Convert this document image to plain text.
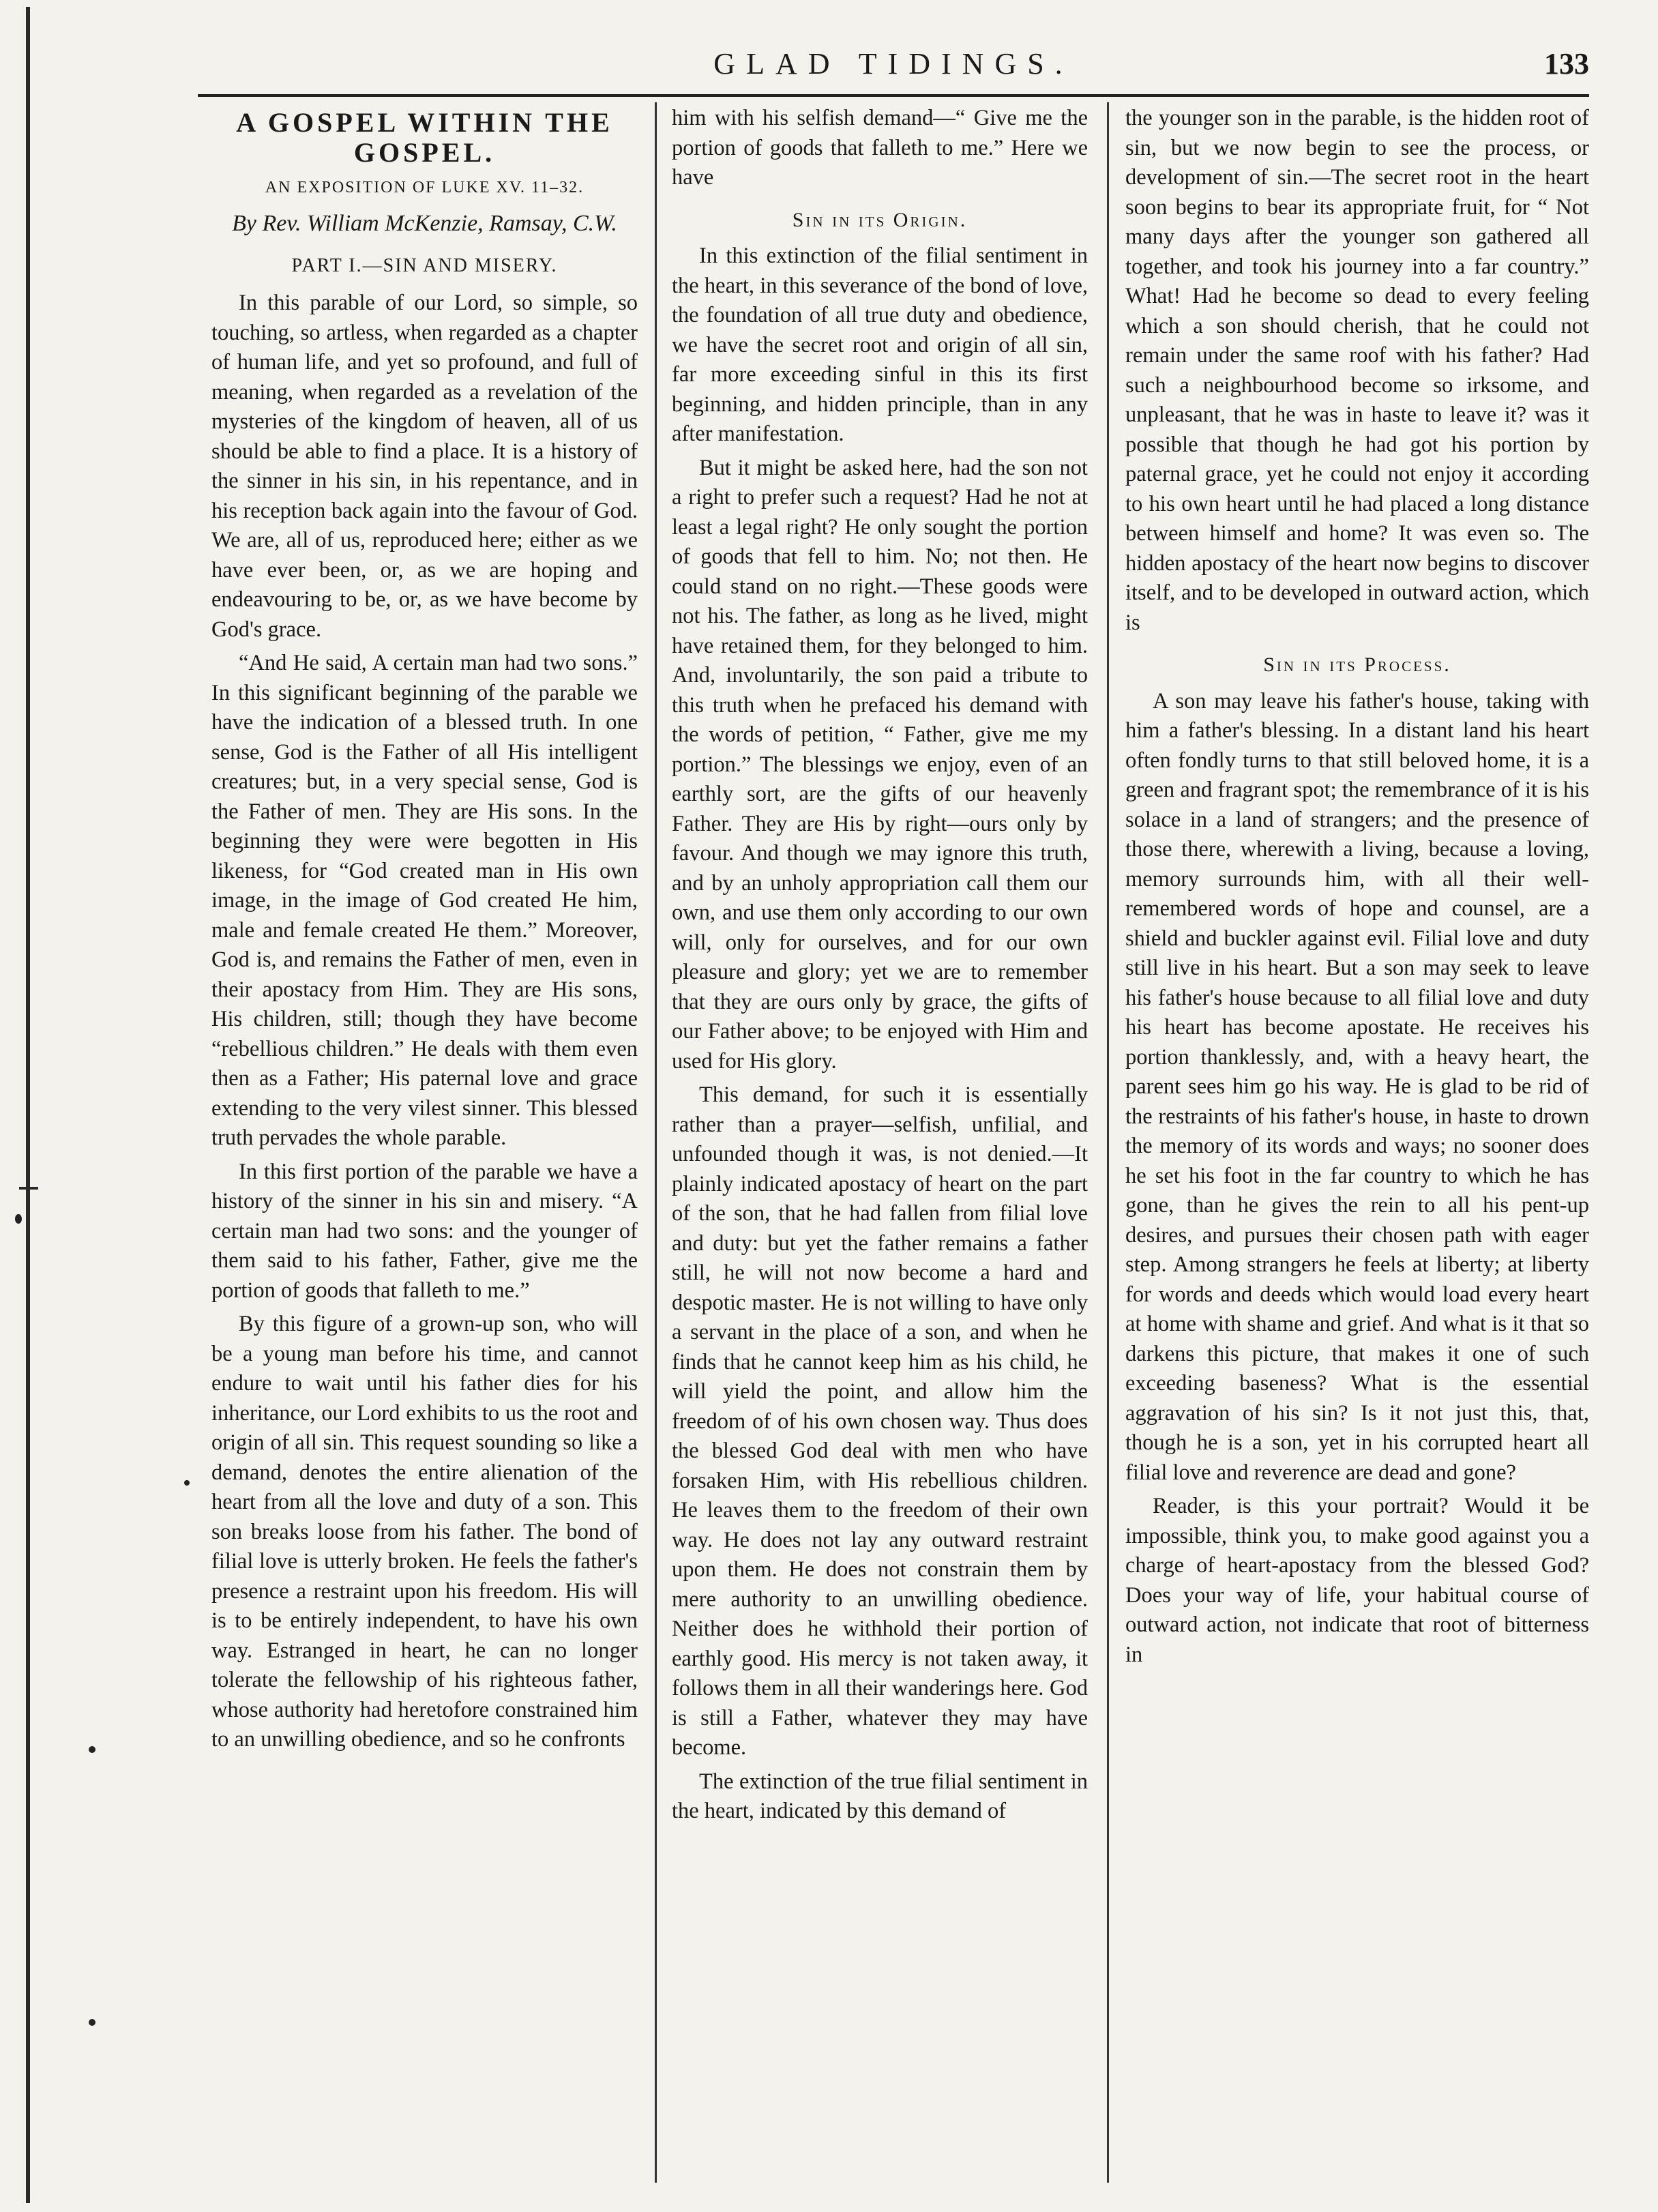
GLAD TIDINGS.	133
A GOSPEL WITHIN THE GOSPEL.
AN EXPOSITION OF LUKE XV. 11–32.
By Rev. William McKenzie, Ramsay, C.W.
PART I.—SIN AND MISERY.

In this parable of our Lord, so simple, so touching, so artless, when regarded as a chapter of human life, and yet so profound, and full of meaning, when regarded as a revelation of the mysteries of the kingdom of heaven, all of us should be able to find a place. It is a history of the sinner in his sin, in his repentance, and in his reception back again into the favour of God. We are, all of us, reproduced here; either as we have ever been, or, as we are hoping and endeavouring to be, or, as we have become by God's grace.

“And He said, A certain man had two sons.” In this significant beginning of the parable we have the indication of a blessed truth. In one sense, God is the Father of all His intelligent creatures; but, in a very special sense, God is the Father of men. They are His sons. In the beginning they were were begotten in His likeness, for “God created man in His own image, in the image of God created He him, male and female created He them.” Moreover, God is, and remains the Father of men, even in their apostacy from Him. They are His sons, His children, still; though they have become “rebellious children.” He deals with them even then as a Father; His paternal love and grace extending to the very vilest sinner. This blessed truth pervades the whole parable.

In this first portion of the parable we have a history of the sinner in his sin and misery. “A certain man had two sons: and the younger of them said to his father, Father, give me the portion of goods that falleth to me.”

By this figure of a grown-up son, who will be a young man before his time, and cannot endure to wait until his father dies for his inheritance, our Lord exhibits to us the root and origin of all sin. This request sounding so like a demand, denotes the entire alienation of the heart from all the love and duty of a son. This son breaks loose from his father. The bond of filial love is utterly broken. He feels the father's presence a restraint upon his freedom. His will is to be entirely independent, to have his own way. Estranged in heart, he can no longer tolerate the fellowship of his righteous father, whose authority had heretofore constrained him to an unwilling obedience, and so he confronts

him with his selfish demand—“ Give me the portion of goods that falleth to me.” Here we have

Sin in its Origin.

In this extinction of the filial sentiment in the heart, in this severance of the bond of love, the foundation of all true duty and obedience, we have the secret root and origin of all sin, far more exceeding sinful in this its first beginning, and hidden principle, than in any after manifestation.

But it might be asked here, had the son not a right to prefer such a request? Had he not at least a legal right? He only sought the portion of goods that fell to him. No; not then. He could stand on no right.—These goods were not his. The father, as long as he lived, might have retained them, for they belonged to him. And, involuntarily, the son paid a tribute to this truth when he prefaced his demand with the words of petition, “ Father, give me my portion.” The blessings we enjoy, even of an earthly sort, are the gifts of our heavenly Father. They are His by right—ours only by favour. And though we may ignore this truth, and by an unholy appropriation call them our own, and use them only according to our own will, only for ourselves, and for our own pleasure and glory; yet we are to remember that they are ours only by grace, the gifts of our Father above; to be enjoyed with Him and used for His glory.

This demand, for such it is essentially rather than a prayer—selfish, unfilial, and unfounded though it was, is not denied.—It plainly indicated apostacy of heart on the part of the son, that he had fallen from filial love and duty: but yet the father remains a father still, he will not now become a hard and despotic master. He is not willing to have only a servant in the place of a son, and when he finds that he cannot keep him as his child, he will yield the point, and allow him the freedom of of his own chosen way. Thus does the blessed God deal with men who have forsaken Him, with His rebellious children. He leaves them to the freedom of their own way. He does not lay any outward restraint upon them. He does not constrain them by mere authority to an unwilling obedience. Neither does he withhold their portion of earthly good. His mercy is not taken away, it follows them in all their wanderings here. God is still a Father, whatever they may have become.

The extinction of the true filial sentiment in the heart, indicated by this demand of

the younger son in the parable, is the hidden root of sin, but we now begin to see the process, or development of sin.—The secret root in the heart soon begins to bear its appropriate fruit, for “ Not many days after the younger son gathered all together, and took his journey into a far country.” What! Had he become so dead to every feeling which a son should cherish, that he could not remain under the same roof with his father? Had such a neighbourhood become so irksome, and unpleasant, that he was in haste to leave it? was it possible that though he had got his portion by paternal grace, yet he could not enjoy it according to his own heart until he had placed a long distance between himself and home? It was even so. The hidden apostacy of the heart now begins to discover itself, and to be developed in outward action, which is

Sin in its Process.

A son may leave his father's house, taking with him a father's blessing. In a distant land his heart often fondly turns to that still beloved home, it is a green and fragrant spot; the remembrance of it is his solace in a land of strangers; and the presence of those there, wherewith a living, because a loving, memory surrounds him, with all their well-remembered words of hope and counsel, are a shield and buckler against evil. Filial love and duty still live in his heart. But a son may seek to leave his father's house because to all filial love and duty his heart has become apostate. He receives his portion thanklessly, and, with a heavy heart, the parent sees him go his way. He is glad to be rid of the restraints of his father's house, in haste to drown the memory of its words and ways; no sooner does he set his foot in the far country to which he has gone, than he gives the rein to all his pent-up desires, and pursues their chosen path with eager step. Among strangers he feels at liberty; at liberty for words and deeds which would load every heart at home with shame and grief. And what is it that so darkens this picture, that makes it one of such exceeding baseness? What is the essential aggravation of his sin? Is it not just this, that, though he is a son, yet in his corrupted heart all filial love and reverence are dead and gone?

Reader, is this your portrait? Would it be impossible, think you, to make good against you a charge of heart-apostacy from the blessed God? Does your way of life, your habitual course of outward action, not indicate that root of bitterness in
